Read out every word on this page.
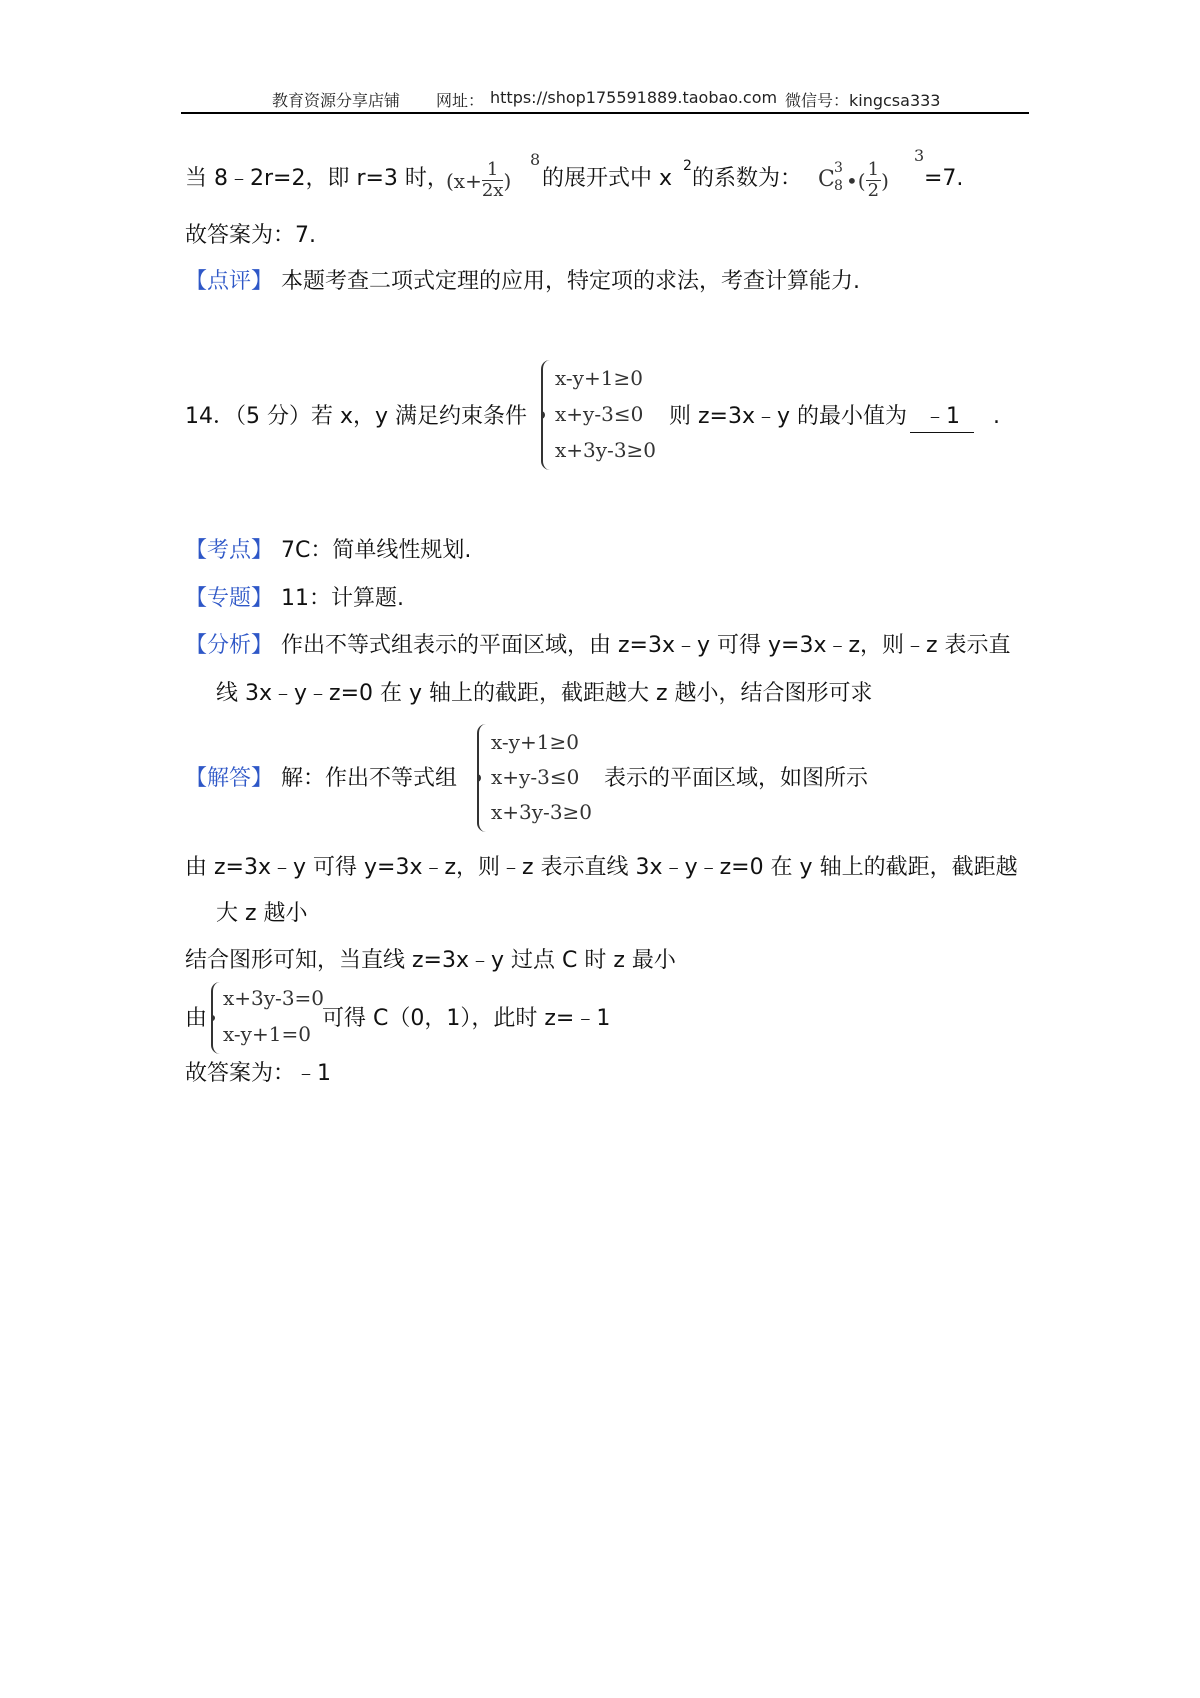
教育资源分享店铺 网址： https://shop175591889.taobao.com 微信号：kingcsa333
当 8﹣2r=2，即 r=3 时，
($x+ \frac{1}{2x}$ )
8
的展开式中 x 2 的系数为： C 3
8 •( $\frac{1}{2}$ )
3
=7.
故答案为：7.
【点评】 本题考查二项式定理的应用，特定项的求法，考查计算能力.
14．（5 分）若 x，y 满足约束条件
x-y+1≥0
x+y-3≤0
x+3y-3≥0
则 z=3x﹣y 的最小值为 ﹣1	.
【考点】 7C：简单线性规划.
【专题】 11：计算题.
【分析】 作出不等式组表示的平面区域，由 z=3x﹣y 可得 y=3x﹣z，则﹣z 表示直
线 3x﹣y﹣z=0 在 y 轴上的截距，截距越大 z 越小，结合图形可求
【解答】 解：作出不等式组
x-y+1≥0
x+y-3≤0
x+3y-3≥0
表示的平面区域，如图所示
由 z=3x﹣y 可得 y=3x﹣z，则﹣z 表示直线 3x﹣y﹣z=0 在 y 轴上的截距，截距越
大 z 越小
结合图形可知，当直线 z=3x﹣y 过点 C 时 z 最小
由
x+3y-3=0
x-y+1=0
可得 C（0，1），此时 z=﹣1
故答案为：﹣1
